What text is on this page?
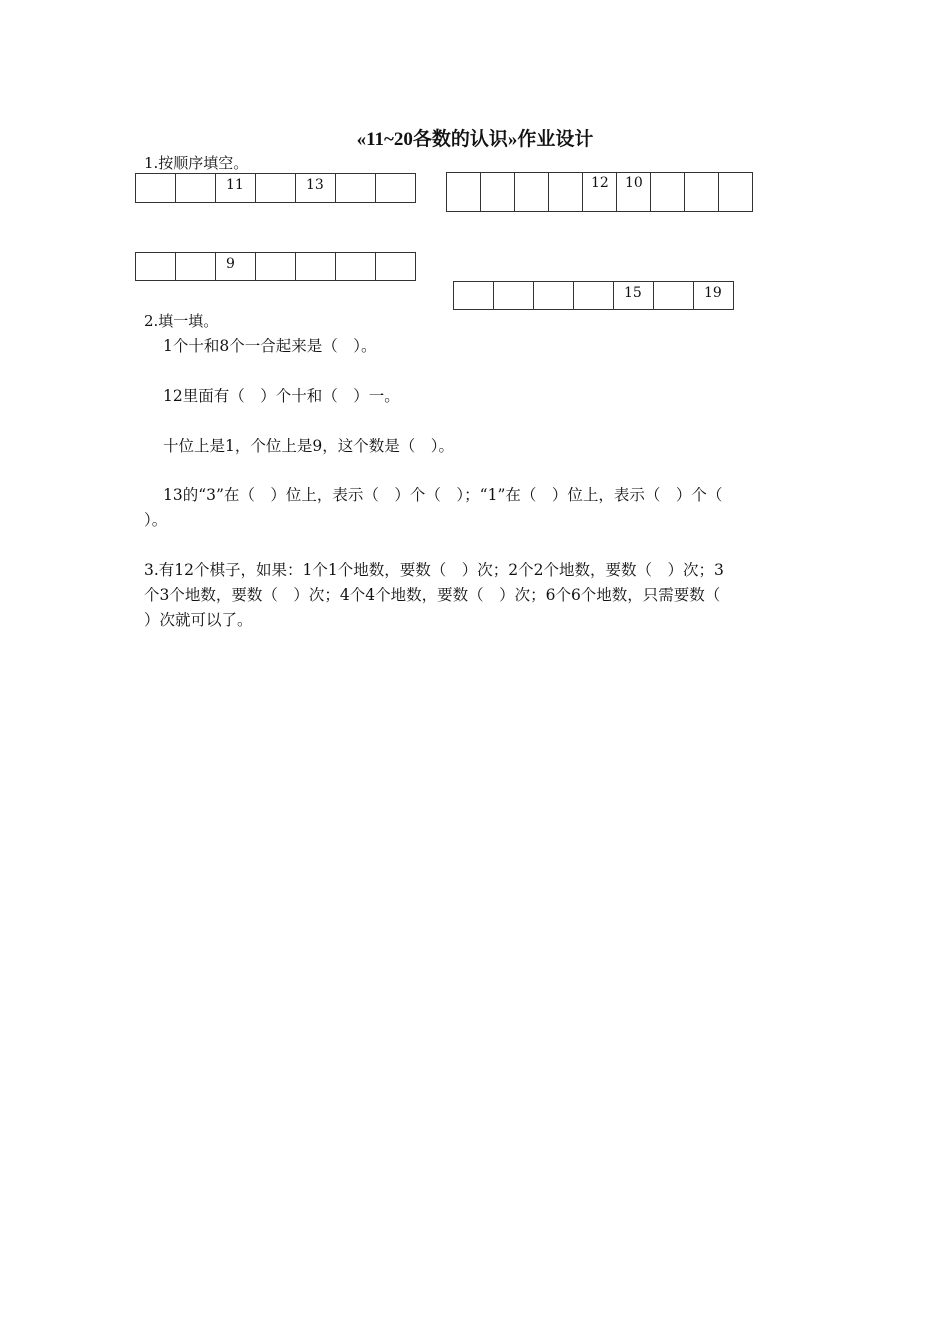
«11~20各数的认识»作业设计
1.按顺序填空。
11	13	12	10
9
15	19
2.填一填。
1个十和8个一合起来是（　）。
12里面有（　）个十和（　）一。
十位上是1，个位上是9，这个数是（　）。
13的“3”在（　）位上，表示（　）个（　）；“1”在（　）位上，表示（　）个（
）。
3.有12个棋子，如果：1个1个地数，要数（　）次；2个2个地数，要数（　）次；3
个3个地数，要数（　）次；4个4个地数，要数（　）次；6个6个地数，只需要数（
）次就可以了。
